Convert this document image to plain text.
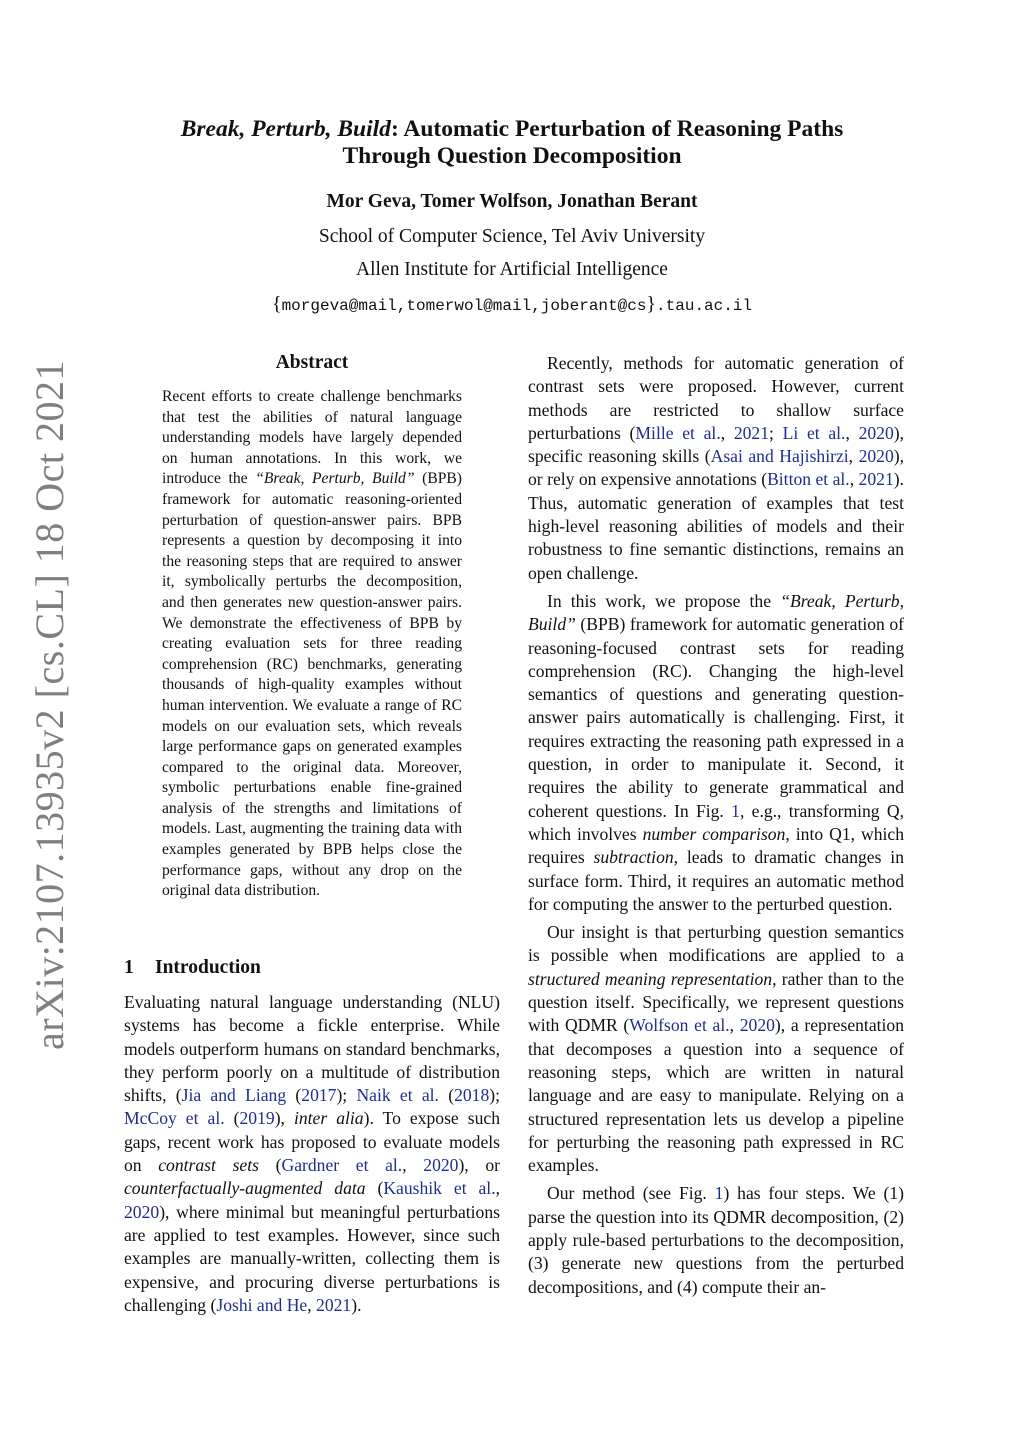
arXiv:2107.13935v2 [cs.CL] 18 Oct 2021
Break, Perturb, Build: Automatic Perturbation of Reasoning Paths
Through Question Decomposition
Mor Geva, Tomer Wolfson, Jonathan Berant
School of Computer Science, Tel Aviv University
Allen Institute for Artificial Intelligence
{morgeva@mail,tomerwol@mail,joberant@cs}.tau.ac.il
Abstract
Recent efforts to create challenge benchmarks that test the abilities of natural language understanding models have largely depended on human annotations. In this work, we introduce the “Break, Perturb, Build” (BPB) framework for automatic reasoning-oriented perturbation of question-answer pairs. BPB represents a question by decomposing it into the reasoning steps that are required to answer it, symbolically perturbs the decomposition, and then generates new question-answer pairs. We demonstrate the effectiveness of BPB by creating evaluation sets for three reading comprehension (RC) benchmarks, generating thousands of high-quality examples without human intervention. We evaluate a range of RC models on our evaluation sets, which reveals large performance gaps on generated examples compared to the original data. Moreover, symbolic perturbations enable fine-grained analysis of the strengths and limitations of models. Last, augmenting the training data with examples generated by BPB helps close the performance gaps, without any drop on the original data distribution.
1 Introduction

Evaluating natural language understanding (NLU) systems has become a fickle enterprise. While models outperform humans on standard benchmarks, they perform poorly on a multitude of distribution shifts, (Jia and Liang (2017); Naik et al. (2018); McCoy et al. (2019), inter alia). To expose such gaps, recent work has proposed to evaluate models on contrast sets (Gardner et al., 2020), or counterfactually-augmented data (Kaushik et al., 2020), where minimal but meaningful perturbations are applied to test examples. However, since such examples are manually-written, collecting them is expensive, and procuring diverse perturbations is challenging (Joshi and He, 2021).

Recently, methods for automatic generation of contrast sets were proposed. However, current methods are restricted to shallow surface perturbations (Mille et al., 2021; Li et al., 2020), specific reasoning skills (Asai and Hajishirzi, 2020), or rely on expensive annotations (Bitton et al., 2021). Thus, automatic generation of examples that test high-level reasoning abilities of models and their robustness to fine semantic distinctions, remains an open challenge.

In this work, we propose the “Break, Perturb, Build” (BPB) framework for automatic generation of reasoning-focused contrast sets for reading comprehension (RC). Changing the high-level semantics of questions and generating question-answer pairs automatically is challenging. First, it requires extracting the reasoning path expressed in a question, in order to manipulate it. Second, it requires the ability to generate grammatical and coherent questions. In Fig. 1, e.g., transforming Q, which involves number comparison, into Q1, which requires subtraction, leads to dramatic changes in surface form. Third, it requires an automatic method for computing the answer to the perturbed question.

Our insight is that perturbing question semantics is possible when modifications are applied to a structured meaning representation, rather than to the question itself. Specifically, we represent questions with QDMR (Wolfson et al., 2020), a representation that decomposes a question into a sequence of reasoning steps, which are written in natural language and are easy to manipulate. Relying on a structured representation lets us develop a pipeline for perturbing the reasoning path expressed in RC examples.

Our method (see Fig. 1) has four steps. We (1) parse the question into its QDMR decomposition, (2) apply rule-based perturbations to the decomposition, (3) generate new questions from the perturbed decompositions, and (4) compute their an-
